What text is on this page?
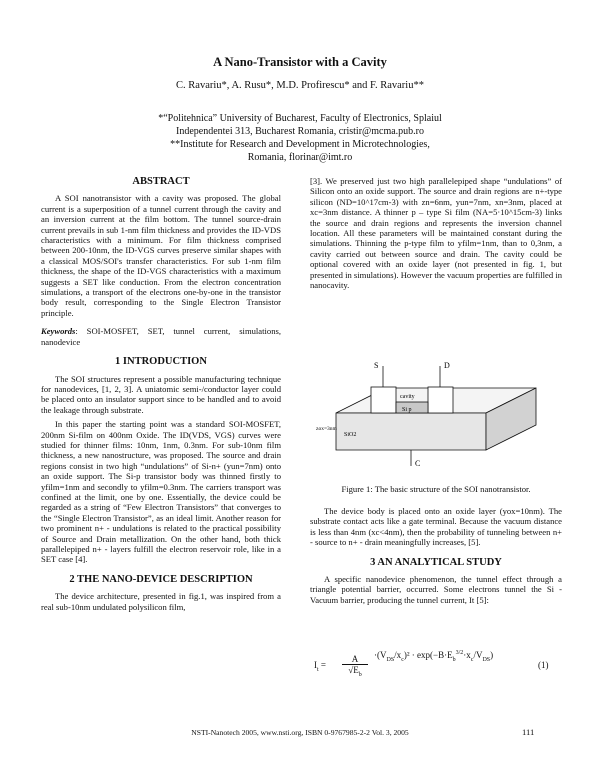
A Nano-Transistor with a Cavity
C. Ravariu*, A. Rusu*, M.D. Profirescu* and F. Ravariu**
*“Politehnica” University of Bucharest, Faculty of Electronics, Splaiul
Independentei 313, Bucharest Romania, cristir@mcma.pub.ro
**Institute for Research and Development in Microtechnologies,
Romania, florinar@imt.ro
ABSTRACT

A SOI nanotransistor with a cavity was proposed. The global current is a superposition of a tunnel current through the cavity and an inversion current at the film bottom. The tunnel source-drain current prevails in sub 1-nm film thickness and provides the ID-VDS characteristics with a minimum. For film thickness comprised between 200-10nm, the ID-VGS curves preserve similar shapes with a classical MOS/SOI's transfer characteristics. For sub 1-nm film thickness, the shape of the ID-VGS characteristics with a maximum suggests a SET like conduction. From the electron concentration simulations, a transport of the electrons one-by-one in the transistor body result, corresponding to the Single Electron Transistor principle.

Keywords: SOI-MOSFET, SET, tunnel current, simulations, nanodevice

1 INTRODUCTION

The SOI structures represent a possible manufacturing technique for nanodevices, [1, 2, 3]. A uniatomic semi-/conductor layer could be placed onto an insulator support since to be handled and to avoid the leakage through substrate.

In this paper the starting point was a standard SOI-MOSFET, 200nm Si-film on 400nm Oxide. The ID(VDS, VGS) curves were studied for thinner films: 10nm, 1nm, 0.3nm. For sub-10nm film thickness, a new nanostructure, was proposed. The source and drain regions consist in two high “undulations” of Si-n+ (yun=7nm) onto an oxide support. The Si-p transistor body was thinned firstly to yfilm=1nm and secondly to yfilm=0.3nm. The carriers transport was confined at the limit, one by one. Essentially, the device could be regarded as a string of “Few Electron Transistors” that converges to the “Single Electron Transistor”, as an ideal limit. Another reason for two prominent n+ - undulations is related to the practical possibility of Source and Drain metallization. On the other hand, both thick parallelepiped n+ - layers fulfill the electron reservoir role, like in a SET case [4].

2 THE NANO-DEVICE DESCRIPTION

The device architecture, presented in fig.1, was inspired from a real sub-10nm undulated polysilicon film,

[3]. We preserved just two high parallelepiped shape “undulations” of Silicon onto an oxide support. The source and drain regions are n+-type silicon (ND=10^17cm-3) with zn=6nm, yun=7nm, xn=3nm, placed at xc=3nm distance. A thinner p – type Si film (NA=5·10^15cm-3) links the source and drain regions and represents the inversion channel location. All these parameters will be maintained constant during the simulations. Thinning the p-type film to yfilm=1nm, than to 0,3nm, a cavity carried out between source and drain. The cavity could be optional covered with an oxide layer (not presented in fig. 1, but presented in simulations). However the vacuum properties are fulfilled in nanocavity.

S	D
C
cavity
Si p
SiO2
zox=3nm
Figure 1: The basic structure of the SOI nanotransistor.

The device body is placed onto an oxide layer (yox=10nm). The substrate contact acts like a gate terminal. Because the vacuum distance is less than 4nm (xc<4nm), then the probability of tunneling between n+ - source to n+ - drain meaningfully increases, [5].

3 AN ANALYTICAL STUDY

A specific nanodevice phenomenon, the tunnel effect through a triangle potential barrier, occurred. Some electrons tunnel the Si - Vacuum barrier, producing the tunnel current, It [5]:

$I_t$ =
A

$√E_b$
$\cdot(V_{DS}/x_c)^2 \cdot \exp(-B\cdot E_b^{3/2}\cdot x_c/V_{DS})$
(1)
NSTI-Nanotech 2005, www.nsti.org, ISBN 0-9767985-2-2 Vol. 3, 2005	111
